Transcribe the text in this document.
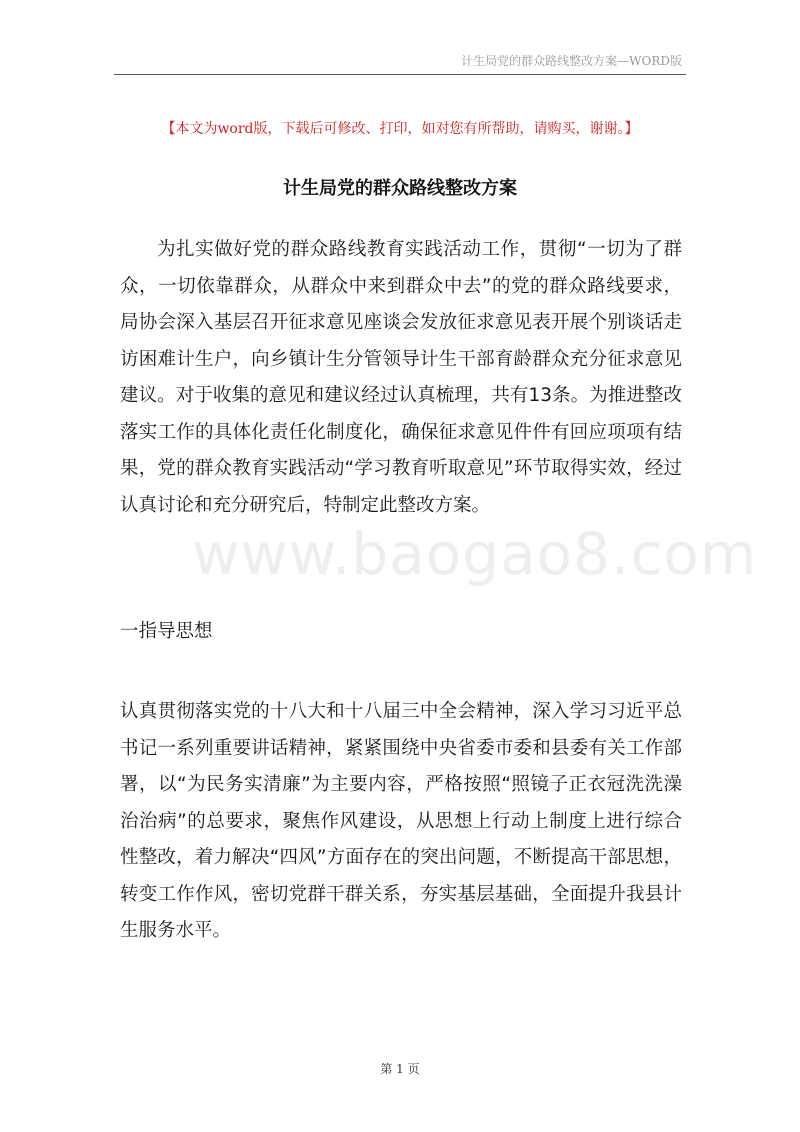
计生局党的群众路线整改方案—WORD版
【本文为word版，下载后可修改、打印，如对您有所帮助，请购买，谢谢。】
计生局党的群众路线整改方案

为扎实做好党的群众路线教育实践活动工作，贯彻“一切为了群众，一切依靠群众，从群众中来到群众中去”的党的群众路线要求，局协会深入基层召开征求意见座谈会发放征求意见表开展个别谈话走访困难计生户，向乡镇计生分管领导计生干部育龄群众充分征求意见建议。对于收集的意见和建议经过认真梳理，共有13条。为推进整改落实工作的具体化责任化制度化，确保征求意见件件有回应项项有结果，党的群众教育实践活动“学习教育听取意见”环节取得实效，经过认真讨论和充分研究后，特制定此整改方案。

www.baogao8.com

一指导思想

认真贯彻落实党的十八大和十八届三中全会精神，深入学习习近平总书记一系列重要讲话精神，紧紧围绕中央省委市委和县委有关工作部署，以“为民务实清廉”为主要内容，严格按照“照镜子正衣冠洗洗澡治治病”的总要求，聚焦作风建设，从思想上行动上制度上进行综合性整改，着力解决“四风”方面存在的突出问题，不断提高干部思想，转变工作作风，密切党群干群关系，夯实基层基础，全面提升我县计生服务水平。

第 1 页
